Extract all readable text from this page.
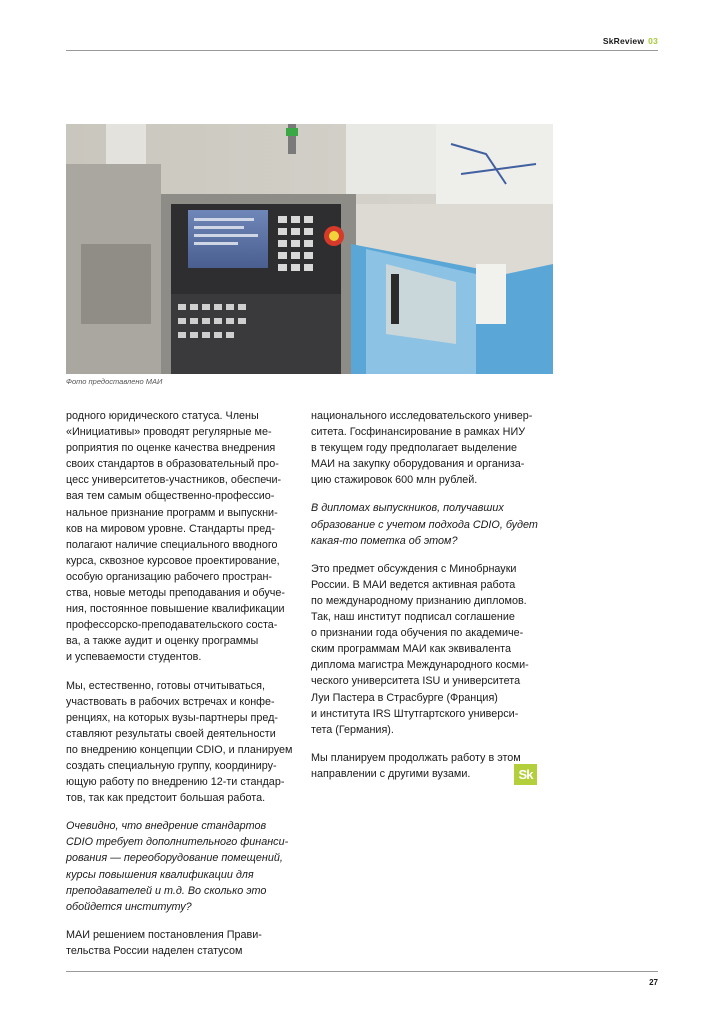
SkReview 03
Фото предоставлено МАИ

родного юридического статуса. Члены
«Инициативы» проводят регулярные ме-
роприятия по оценке качества внедрения
своих стандартов в образовательный про-
цесс университетов-участников, обеспечи-
вая тем самым общественно-профессио-
нальное признание программ и выпускни-
ков на мировом уровне. Стандарты пред-
полагают наличие специального вводного
курса, сквозное курсовое проектирование,
особую организацию рабочего простран-
ства, новые методы преподавания и обуче-
ния, постоянное повышение квалификации
профессорско-преподавательского соста-
ва, а также аудит и оценку программы
и успеваемости студентов.

Мы, естественно, готовы отчитываться,
участвовать в рабочих встречах и конфе-
ренциях, на которых вузы-партнеры пред-
ставляют результаты своей деятельности
по внедрению концепции CDIO, и планируем
создать специальную группу, координиру-
ющую работу по внедрению 12-ти стандар-
тов, так как предстоит большая работа.

Очевидно, что внедрение стандартов
CDIO требует дополнительного финанси-
рования — переоборудование помещений,
курсы повышения квалификации для
преподавателей и т.д. Во сколько это
обойдется институту?

МАИ решением постановления Прави-
тельства России наделен статусом

национального исследовательского универ-
ситета. Госфинансирование в рамках НИУ
в текущем году предполагает выделение
МАИ на закупку оборудования и организа-
цию стажировок 600 млн рублей.

В дипломах выпускников, получавших
образование с учетом подхода CDIO, будет
какая-то пометка об этом?

Это предмет обсуждения с Минобрнауки
России. В МАИ ведется активная работа
по международному признанию дипломов.
Так, наш институт подписал соглашение
о признании года обучения по академиче-
ским программам МАИ как эквивалента
диплома магистра Международного косми-
ческого университета ISU и университета
Луи Пастера в Страсбурге (Франция)
и института IRS Штутгартского универси-
тета (Германия).

Мы планируем продолжать работу в этом
направлении с другими вузами.	Sk
27
